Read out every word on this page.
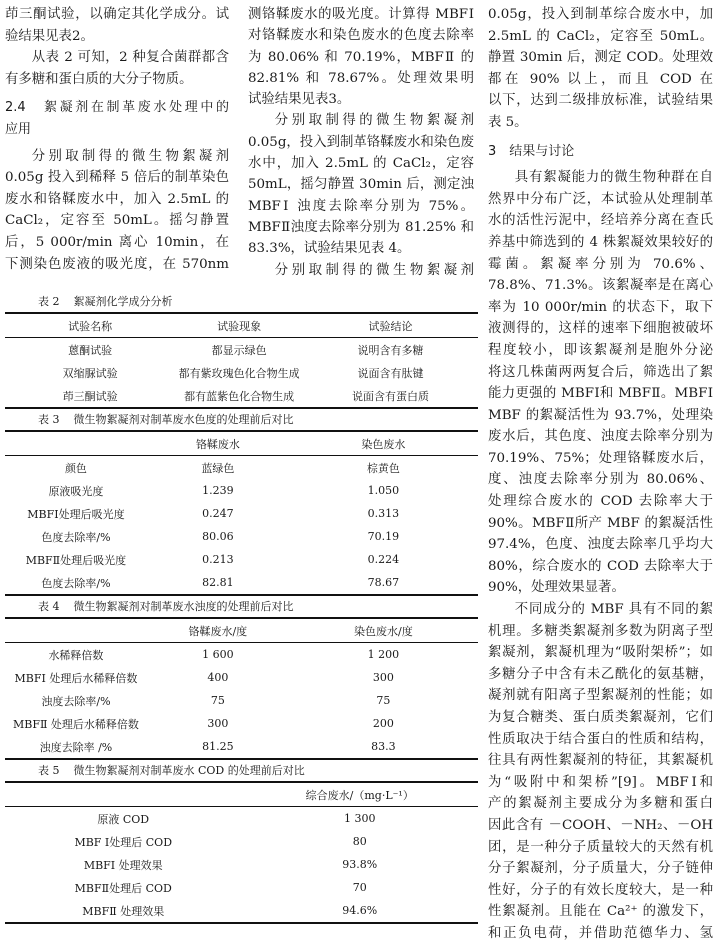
茚三酮试验，以确定其化学成分。试
验结果见表2。
从表 2 可知，2 种复合菌群都含
有多糖和蛋白质的大分子物质。
2.4　絮凝剂在制革废水处理中的
应用
分别取制得的微生物絮凝剂
0.05g 投入到稀释 5 倍后的制革染色
废水和铬鞣废水中，加入 2.5mL 的
CaCl₂，定容至 50mL。摇匀静置
后，5 000r/min 离心 10min，在
下测染色废液的吸光度，在 570nm
测铬鞣废水的吸光度。计算得 MBFⅠ
对铬鞣废水和染色废水的色度去除率
为 80.06% 和 70.19%，MBFⅡ 的
82.81% 和 78.67%。处理效果明
试验结果见表3。
分别取制得的微生物絮凝剂
0.05g，投入到制革铬鞣废水和染色废
水中，加入 2.5mL 的 CaCl₂，定容
50mL，摇匀静置 30min 后，测定浊
MBFⅠ 浊度去除率分别为 75%。
MBFⅡ浊度去除率分别为 81.25% 和
83.3%，试验结果见表 4。
分别取制得的微生物絮凝剂
0.05g，投入到制革综合废水中，加
2.5mL 的 CaCl₂，定容至 50mL。
静置 30min 后，测定 COD。处理效
都在 90% 以上，而且 COD 在
以下，达到二级排放标准，试验结果
表 5。
3　结果与讨论
具有絮凝能力的微生物种群在自
然界中分布广泛，本试验从处理制革
水的活性污泥中，经培养分离在查氏
养基中筛选到的 4 株絮凝效果较好的
霉菌。絮凝率分别为 70.6%、
78.8%、71.3%。该絮凝率是在离心
率为 10 000r/min 的状态下，取下
液测得的，这样的速率下细胞被破坏
程度较小，即该絮凝剂是胞外分泌
将这几株菌两两复合后，筛选出了絮
能力更强的 MBFⅠ和 MBFⅡ。MBFⅠ
MBF 的絮凝活性为 93.7%，处理染
废水后，其色度、浊度去除率分别为
70.19%、75%；处理铬鞣废水后，
度、浊度去除率分别为 80.06%、
处理综合废水的 COD 去除率大于
90%。MBFⅡ所产 MBF 的絮凝活性
97.4%，色度、浊度去除率几乎均大
80%，综合废水的 COD 去除率大于
90%，处理效果显著。
不同成分的 MBF 具有不同的絮
机理。多糖类絮凝剂多数为阴离子型
絮凝剂，絮凝机理为“吸附架桥”；如
多糖分子中含有未乙酰化的氨基糖，
凝剂就有阳离子型絮凝剂的性能；如
为复合糖类、蛋白质类絮凝剂，它们
性质取决于结合蛋白的性质和结构，
往具有两性絮凝剂的特征，其絮凝机
为“吸附中和架桥”[9]。MBFⅠ和
产的絮凝剂主要成分为多糖和蛋白
因此含有 －COOH、－NH₂、－OH
团，是一种分子质量较大的天然有机
分子絮凝剂，分子质量大，分子链伸
性好，分子的有效长度较大，是一种
性絮凝剂。且能在 Ca²⁺ 的激发下，
和正负电荷，并借助范德华力、氢
表 2 絮凝剂化学成分分析
试验名称	试验现象	试验结论
蒽酮试验	都显示绿色	说明含有多糖
双缩脲试验	都有紫玫瑰色化合物生成	说面含有肽键
茚三酮试验	都有蓝紫色化合物生成	说面含有蛋白质
表 3 微生物絮凝剂对制革废水色度的处理前后对比
	铬鞣废水	染色废水
颜色	蓝绿色	棕黄色
原液吸光度	1.239	1.050
MBFⅠ处理后吸光度	0.247	0.313
色度去除率/%	80.06	70.19
MBFⅡ处理后吸光度	0.213	0.224
色度去除率/%	82.81	78.67
表 4 微生物絮凝剂对制革废水浊度的处理前后对比
	铬鞣废水/度	染色废水/度
水稀释倍数	1 600	1 200
MBFⅠ 处理后水稀释倍数	400	300
浊度去除率/%	75	75
MBFⅡ 处理后水稀释倍数	300	200
浊度去除率 /%	81.25	83.3
表 5 微生物絮凝剂对制革废水 COD 的处理前后对比
	综合废水/（mg·L⁻¹）
原液 COD	1 300
MBF Ⅰ处理后 COD	80
MBFⅠ 处理效果	93.8%
MBFⅡ处理后 COD	70
MBFⅡ 处理效果	94.6%
